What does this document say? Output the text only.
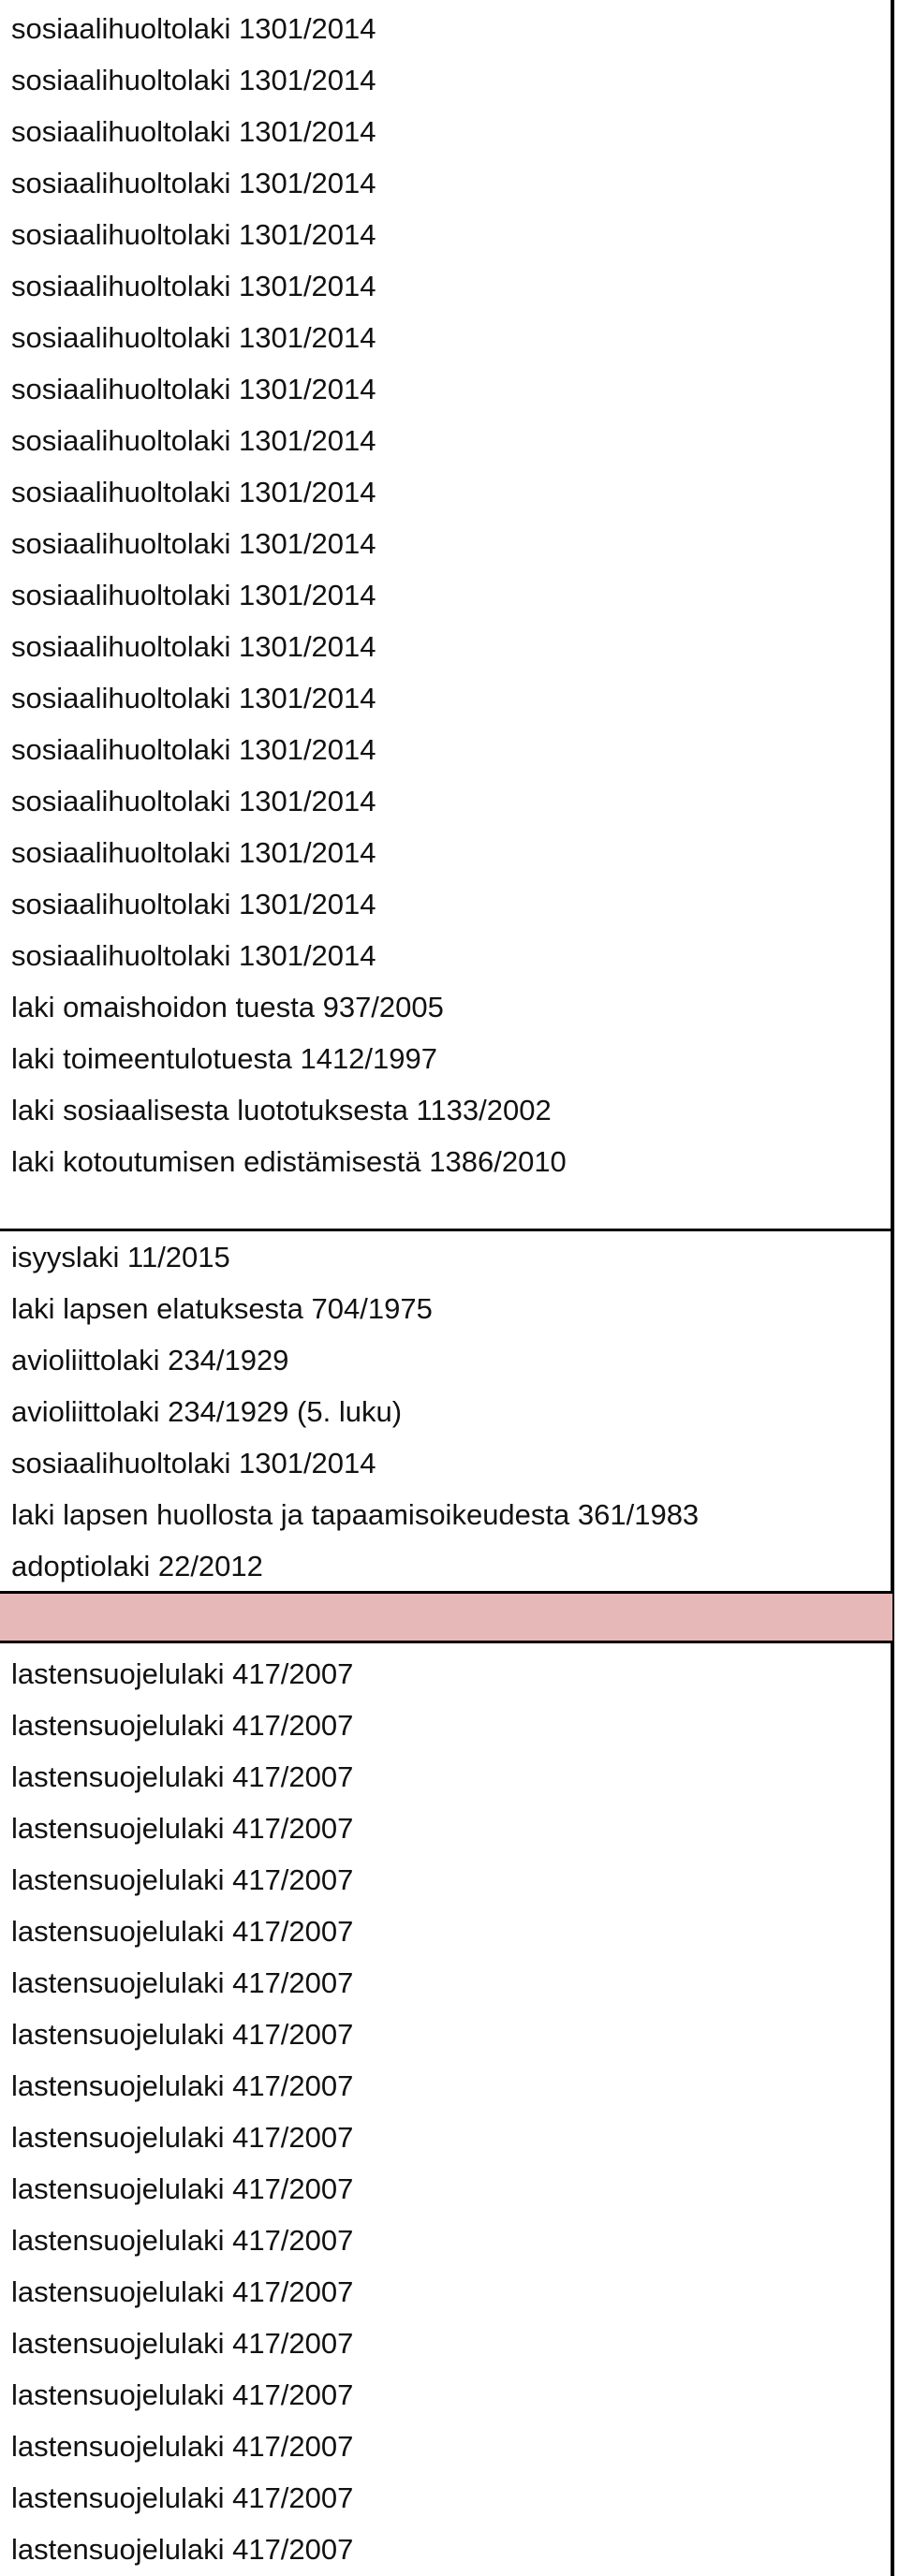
sosiaalihuoltolaki 1301/2014
sosiaalihuoltolaki 1301/2014
sosiaalihuoltolaki 1301/2014
sosiaalihuoltolaki 1301/2014
sosiaalihuoltolaki 1301/2014
sosiaalihuoltolaki 1301/2014
sosiaalihuoltolaki 1301/2014
sosiaalihuoltolaki 1301/2014
sosiaalihuoltolaki 1301/2014
sosiaalihuoltolaki 1301/2014
sosiaalihuoltolaki 1301/2014
sosiaalihuoltolaki 1301/2014
sosiaalihuoltolaki 1301/2014
sosiaalihuoltolaki 1301/2014
sosiaalihuoltolaki 1301/2014
sosiaalihuoltolaki 1301/2014
sosiaalihuoltolaki 1301/2014
sosiaalihuoltolaki 1301/2014
sosiaalihuoltolaki 1301/2014
laki omaishoidon tuesta 937/2005
laki toimeentulotuesta 1412/1997
laki sosiaalisesta luototuksesta 1133/2002
laki kotoutumisen edistämisestä 1386/2010
isyyslaki 11/2015
laki lapsen elatuksesta 704/1975
avioliittolaki 234/1929
avioliittolaki 234/1929 (5. luku)
sosiaalihuoltolaki 1301/2014
laki lapsen huollosta ja tapaamisoikeudesta 361/1983
adoptiolaki 22/2012
lastensuojelulaki 417/2007
lastensuojelulaki 417/2007
lastensuojelulaki 417/2007
lastensuojelulaki 417/2007
lastensuojelulaki 417/2007
lastensuojelulaki 417/2007
lastensuojelulaki 417/2007
lastensuojelulaki 417/2007
lastensuojelulaki 417/2007
lastensuojelulaki 417/2007
lastensuojelulaki 417/2007
lastensuojelulaki 417/2007
lastensuojelulaki 417/2007
lastensuojelulaki 417/2007
lastensuojelulaki 417/2007
lastensuojelulaki 417/2007
lastensuojelulaki 417/2007
lastensuojelulaki 417/2007
